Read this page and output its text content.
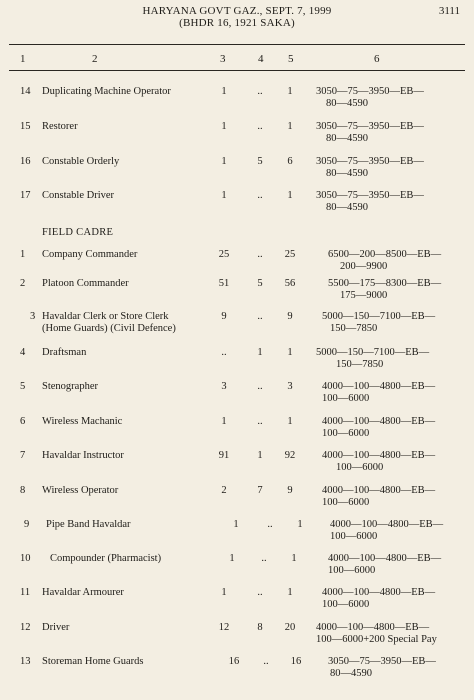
HARYANA GOVT GAZ., SEPT. 7, 1999
(BHDR 16, 1921 SAKA)
3111
1	2	3	4 5	6
14 Duplicating Machine Operator	1	..	1	3050—75—3950—EB—
80—4590
15 Restorer	1	..	1	3050—75—3950—EB—
80—4590
16 Constable Orderly	1	5	6	3050—75—3950—EB—
80—4590
17 Constable Driver	1	..	1	3050—75—3950—EB—
80—4590
FIELD CADRE
1 Company Commander	25	..	25	6500—200—8500—EB—
200—9900
2 Platoon Commander	51	5	56	5500—175—8300—EB—
175—9000
3 Havaldar Clerk or Store Clerk
(Home Guards) (Civil Defence)
9	..	9	5000—150—7100—EB—
150—7850
4 Draftsman	..	1	1	5000—150—7100—EB—
150—7850
5 Stenographer	3	..	3	4000—100—4800—EB—
100—6000
6 Wireless Machanic	1	..	1	4000—100—4800—EB—
100—6000
7 Havaldar Instructor	91	1	92	4000—100—4800—EB—
100—6000
8 Wireless Operator	2	7	9	4000—100—4800—EB—
100—6000
9 Pipe Band Havaldar	1	..	1	4000—100—4800—EB—
100—6000
10 Compounder (Pharmacist)	1	..	1	4000—100—4800—EB—
100—6000
11 Havaldar Armourer	1	..	1	4000—100—4800—EB—
100—6000
12 Driver	12	8	20	4000—100—4800—EB—
100—6000+200 Special Pay
13 Storeman Home Guards	16	..	16	3050—75—3950—EB—
80—4590
